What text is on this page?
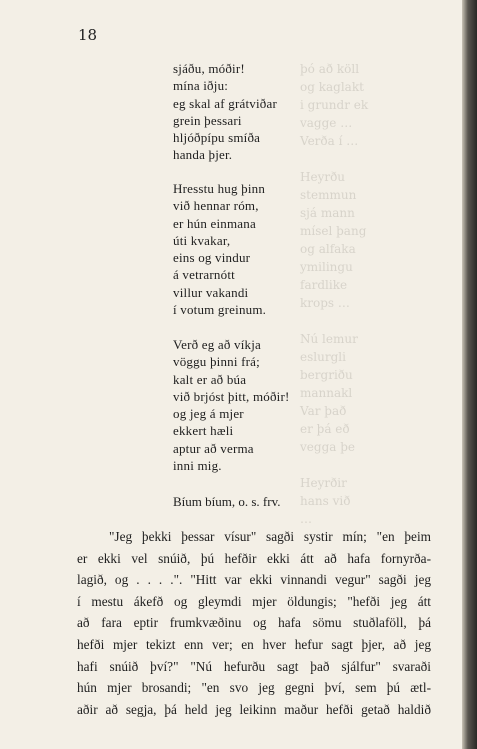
þó að köll
og kaglakt
i grundr ek
vagge …
Verða í …

Heyrðu
stemmun
sjá mann
mísel þang
og alfaka
ymilingu
fardlike
krops …

Nú lemur
eslurgli
bergriðu
mannakl
Var það
er þá eð
vegga þe

Heyrðir
hans við
…
18
sjáðu, móðir!
mína iðju:
eg skal af grátviðar
grein þessari
hljóðpípu smíða
handa þjer.
Hresstu hug þinn
við hennar róm,
er hún einmana
úti kvakar,
eins og vindur
á vetrarnótt
villur vakandi
í votum greinum.
Verð eg að víkja
vöggu þinni frá;
kalt er að búa
við brjóst þitt, móðir!
og jeg á mjer
ekkert hæli
aptur að verma
inni mig.
Bíum bíum, o. s. frv.
"Jeg þekki þessar vísur" sagði systir mín; "en þeim
er ekki vel snúið, þú hefðir ekki átt að hafa fornyrða-
lagið, og . . . .". "Hitt var ekki vinnandi vegur" sagði jeg
í mestu ákefð og gleymdi mjer öldungis; "hefði jeg átt
að fara eptir frumkvæðinu og hafa sömu stuðlaföll, þá
hefði mjer tekizt enn ver; en hver hefur sagt þjer, að jeg
hafi snúið því?" "Nú hefurðu sagt það sjálfur" svaraði
hún mjer brosandi; "en svo jeg gegni því, sem þú ætl-
aðir að segja, þá held jeg leikinn maður hefði getað haldið
